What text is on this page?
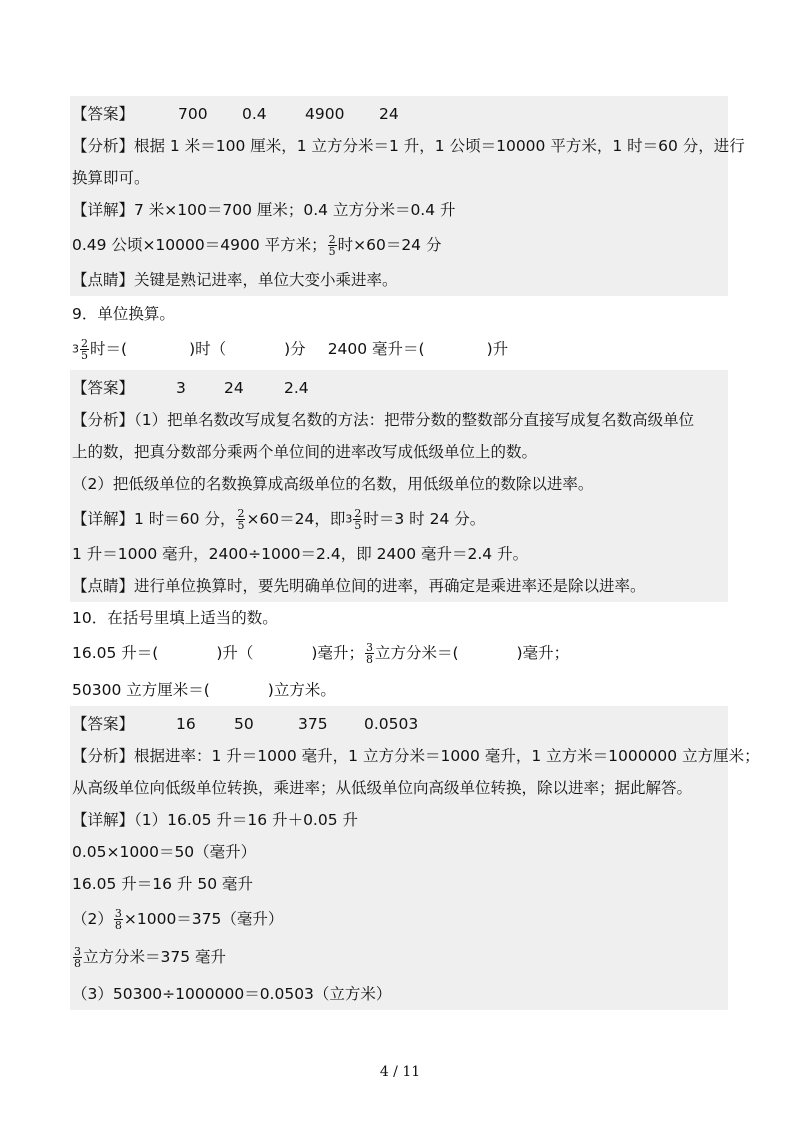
【答案】	700 0.4 4900 24
【分析】根据 1 米＝100 厘米，1 立方分米＝1 升，1 公顷＝10000 平方米，1 时＝60 分，进行
换算即可。
【详解】7 米×100＝700 厘米；0.4 立方分米＝0.4 升
0.49 公顷×10000＝4900 平方米； $\frac{2}{5}$ 时×60＝24 分
【点睛】关键是熟记进率，单位大变小乘进率。
9．单位换算。
$3 \frac{2}{5}$ 时＝(	)时（	)分 2400 毫升＝(	)升
【答案】	3 24	2.4
【分析】（1）把单名数改写成复名数的方法：把带分数的整数部分直接写成复名数高级单位
上的数，把真分数部分乘两个单位间的进率改写成低级单位上的数。
（2）把低级单位的名数换算成高级单位的名数，用低级单位的数除以进率。
【详解】1 时＝60 分， $\frac{2}{5} \times 60=24$，即$3 \frac{2}{5}$ 时＝3 时 24 分。
1 升＝1000 毫升，2400÷1000＝2.4，即 2400 毫升＝2.4 升。
【点睛】进行单位换算时，要先明确单位间的进率，再确定是乘进率还是除以进率。
10．在括号里填上适当的数。
16.05 升＝(	)升（	)毫升； $\frac{3}{8}$ 立方分米＝(	)毫升；
50300 立方厘米＝(	)立方米。
【答案】	16 50	375 0.0503
【分析】根据进率：1 升＝1000 毫升，1 立方分米＝1000 毫升，1 立方米＝1000000 立方厘米；
从高级单位向低级单位转换，乘进率；从低级单位向高级单位转换，除以进率；据此解答。
【详解】（1）16.05 升＝16 升＋0.05 升
0.05×1000＝50（毫升）
16.05 升＝16 升 50 毫升
$(2) \frac{3}{8} \times 1000=375$（毫升）
$\frac{3}{8}$ 立方分米＝375 毫升
（3）50300÷1000000＝0.0503（立方米）
4 / 11
